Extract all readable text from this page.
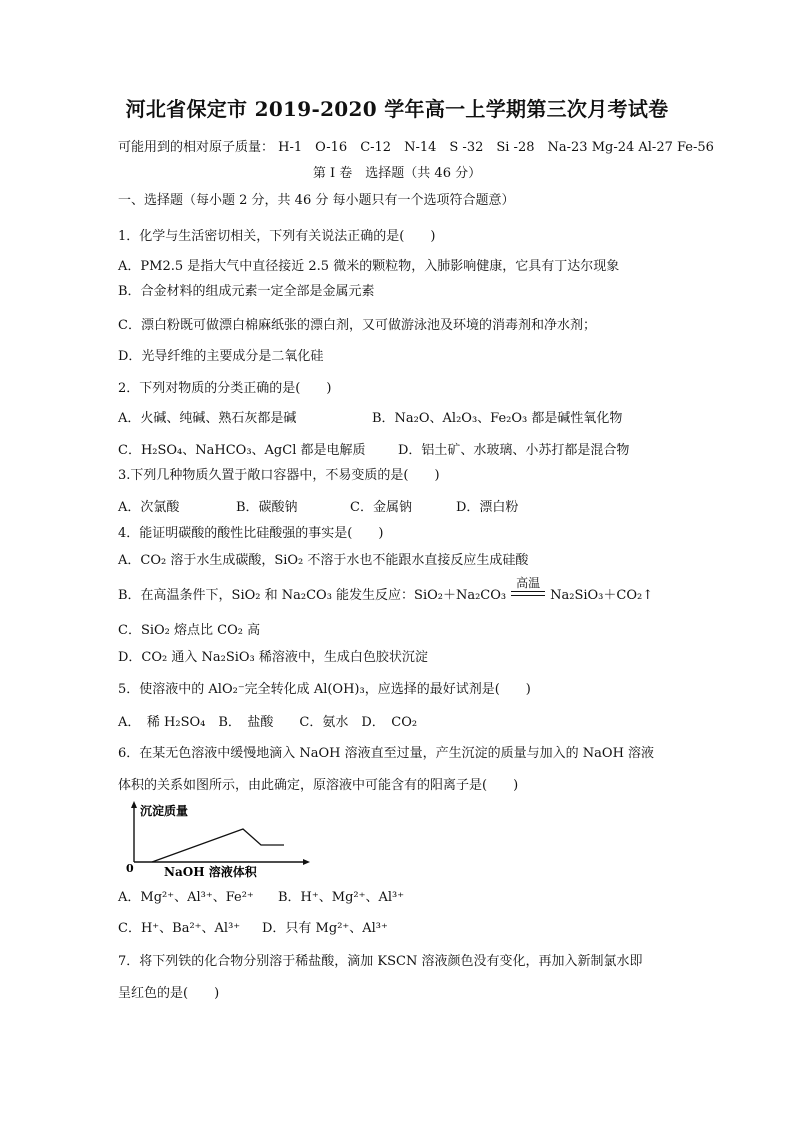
河北省保定市 2019-2020 学年高一上学期第三次月考试卷
可能用到的相对原子质量： H-1　O-16　C-12　N-14　S -32　Si -28　Na-23 Mg-24 Al-27 Fe-56
第 I 卷　选择题（共 46 分）
一、选择题（每小题 2 分，共 46 分 每小题只有一个选项符合题意）
1．化学与生活密切相关，下列有关说法正确的是(　　)
A．PM2.5 是指大气中直径接近 2.5 微米的颗粒物，入肺影响健康，它具有丁达尔现象
B．合金材料的组成元素一定全部是金属元素
C．漂白粉既可做漂白棉麻纸张的漂白剂，又可做游泳池及环境的消毒剂和净水剂；
D．光导纤维的主要成分是二氧化硅
2．下列对物质的分类正确的是(　　)
A．火碱、纯碱、熟石灰都是碱	B．Na₂O、Al₂O₃、Fe₂O₃ 都是碱性氧化物
C．H₂SO₄、NaHCO₃、AgCl 都是电解质	D．铝土矿、水玻璃、小苏打都是混合物
3.下列几种物质久置于敞口容器中，不易变质的是(　　)
A．次氯酸	B．碳酸钠	C．金属钠	D．漂白粉
4．能证明碳酸的酸性比硅酸强的事实是(　　)
A．CO₂ 溶于水生成碳酸，SiO₂ 不溶于水也不能跟水直接反应生成硅酸
B．在高温条件下，SiO₂ 和 Na₂CO₃ 能发生反应：SiO₂＋Na₂CO₃
高温
Na₂SiO₃＋CO₂↑
C．SiO₂ 熔点比 CO₂ 高
D．CO₂ 通入 Na₂SiO₃ 稀溶液中，生成白色胶状沉淀
5．使溶液中的 AlO₂⁻完全转化成 Al(OH)₃，应选择的最好试剂是(　　)
A．　稀 H₂SO₄　B．　盐酸　　C．氨水　D．　CO₂
6．在某无色溶液中缓慢地滴入 NaOH 溶液直至过量，产生沉淀的质量与加入的 NaOH 溶液
体积的关系如图所示，由此确定，原溶液中可能含有的阳离子是(　　)
沉淀质量
0	NaOH 溶液体积
A．Mg²⁺、Al³⁺、Fe²⁺ B．H⁺、Mg²⁺、Al³⁺
C．H⁺、Ba²⁺、Al³⁺ D．只有 Mg²⁺、Al³⁺
7．将下列铁的化合物分别溶于稀盐酸，滴加 KSCN 溶液颜色没有变化，再加入新制氯水即
呈红色的是(　　)
